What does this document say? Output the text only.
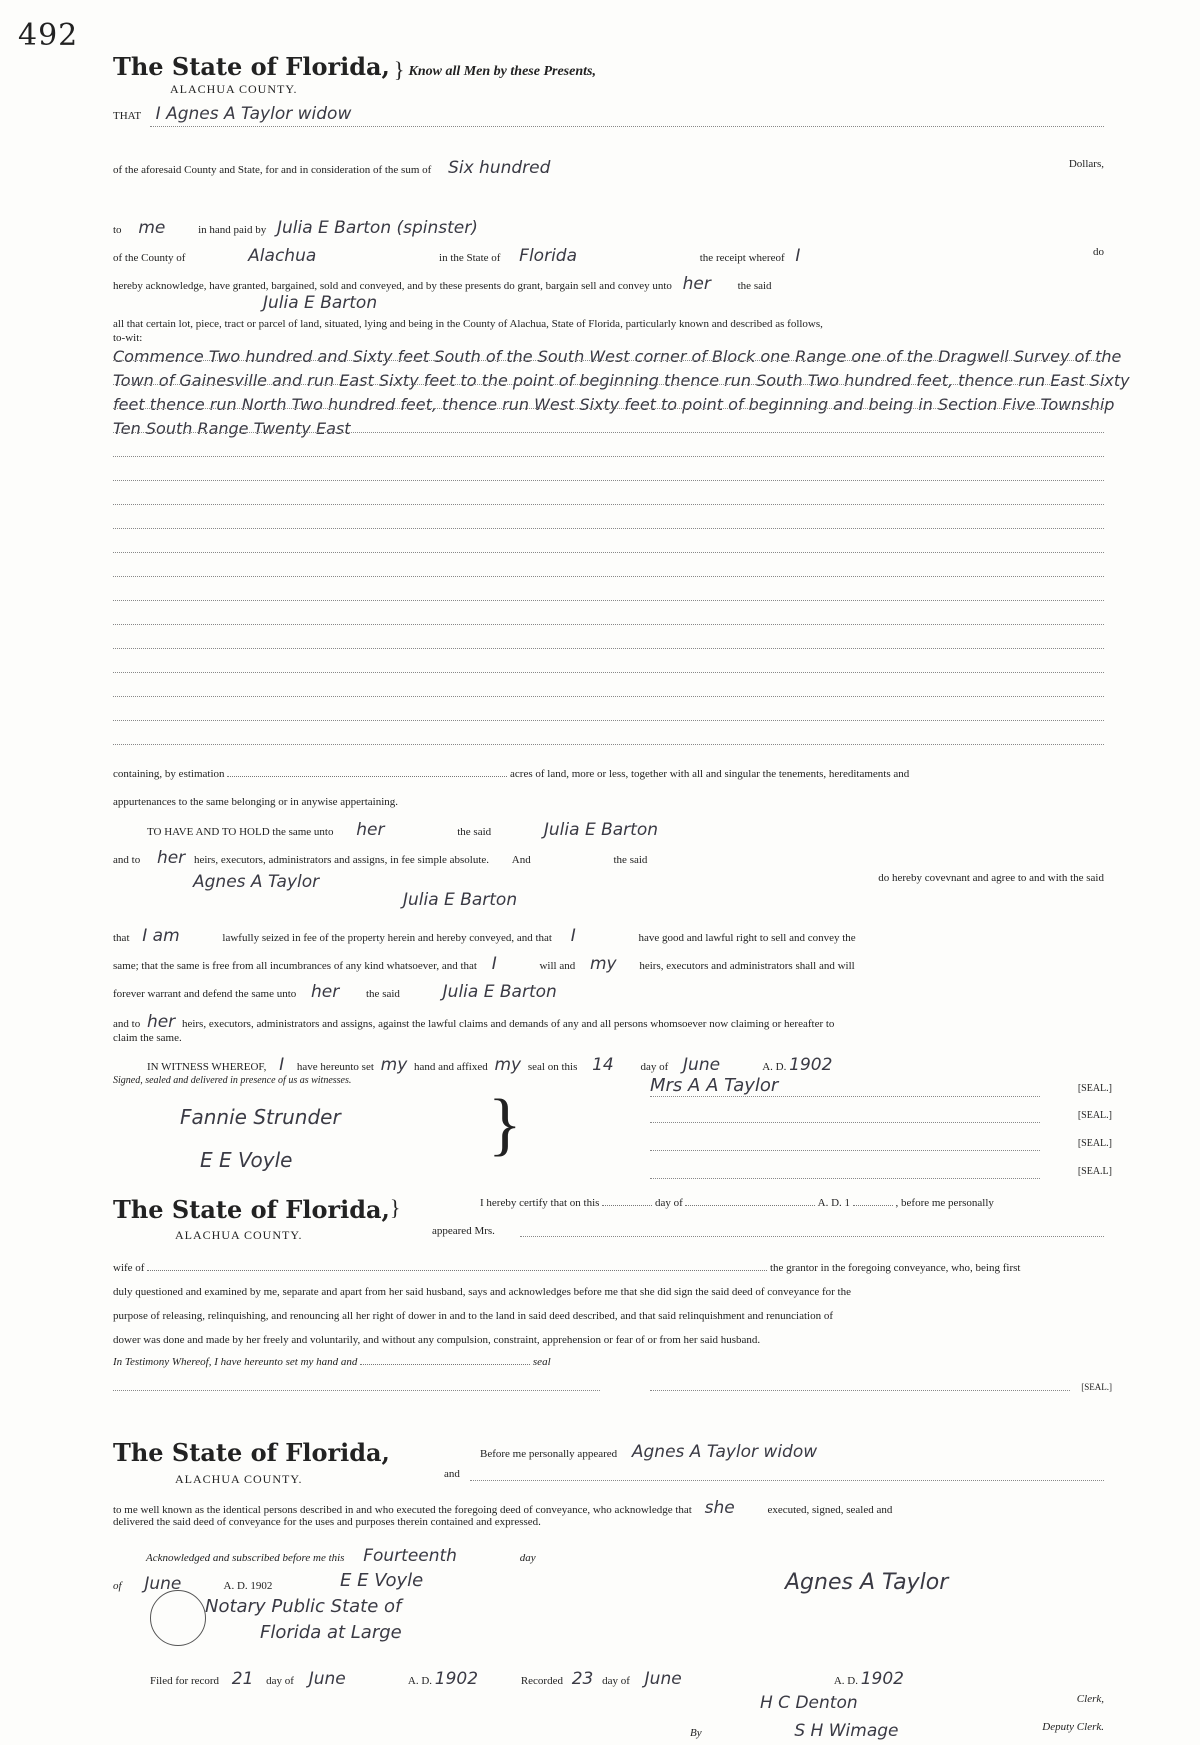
492
The State of Florida, } Know all Men by these Presents,
ALACHUA COUNTY.
THAT I Agnes A Taylor widow
of the aforesaid County and State, for and in consideration of the sum of Six hundred	Dollars,
to me	in hand paid by Julia E Barton (spinster)
of the County of	Alachua	in the State of Florida	the receipt whereof I	do
hereby acknowledge, have granted, bargained, sold and conveyed, and by these presents do grant, bargain sell and convey unto her the said
Julia E Barton
all that certain lot, piece, tract or parcel of land, situated, lying and being in the County of Alachua, State of Florida, particularly known and described as follows,
to-wit:
Commence Two hundred and Sixty feet South of the South West corner of Block one Range one of the Dragwell Survey of the Town of Gainesville and run East Sixty feet to the point of beginning thence run South Two hundred feet, thence run East Sixty feet thence run North Two hundred feet, thence run West Sixty feet to point of beginning and being in Section Five Township Ten South Range Twenty East
containing, by estimation	acres of land, more or less, together with all and singular the tenements, hereditaments and
appurtenances to the same belonging or in anywise appertaining.
TO HAVE AND TO HOLD the same unto her	the said	Julia E Barton
and to her heirs, executors, administrators and assigns, in fee simple absolute. And	the said
Agnes A Taylor	do hereby covevnant and agree to and with the said
Julia E Barton
that I am	lawfully seized in fee of the property herein and hereby conveyed, and that I	have good and lawful right to sell and convey the
same; that the same is free from all incumbrances of any kind whatsoever, and that I	will and my heirs, executors and administrators shall and will
forever warrant and defend the same unto her the said	Julia E Barton
and to her heirs, executors, administrators and assigns, against the lawful claims and demands of any and all persons whomsoever now claiming or hereafter to
claim the same.
IN WITNESS WHEREOF, I have hereunto set my hand and affixed my seal on this 14 day of June	A. D. 1902
Signed, sealed and delivered in presence of us as witnesses.	Mrs A A Taylor	[SEAL.]
[SEAL.]
[SEAL.]
[SEA.L]
Fannie Strunder
E E Voyle	}
The State of Florida, }
ALACHUA COUNTY.
I hereby certify that on this	day of	A. D. 1	, before me personally
appeared Mrs.
wife of	the grantor in the foregoing conveyance, who, being first
duly questioned and examined by me, separate and apart from her said husband, says and acknowledges before me that she did sign the said deed of conveyance for the
purpose of releasing, relinquishing, and renouncing all her right of dower in and to the land in said deed described, and that said relinquishment and renunciation of
dower was done and made by her freely and voluntarily, and without any compulsion, constraint, apprehension or fear of or from her said husband.
In Testimony Whereof, I have hereunto set my hand and	seal
[SEAL.]
The State of Florida,
ALACHUA COUNTY.
Before me personally appeared Agnes A Taylor widow
and
to me well known as the identical persons described in and who executed the foregoing deed of conveyance, who acknowledge that she	executed, signed, sealed and
delivered the said deed of conveyance for the uses and purposes therein contained and expressed.
Acknowledged and subscribed before me this Fourteenth	day
of June	A. D. 1902	E E Voyle
Notary Public State of
Florida at Large
Agnes A Taylor
Filed for record 21 day of June	A. D. 1902	Recorded 23 day of June	A. D. 1902
H C Denton	Clerk,
By	S H Wimage	Deputy Clerk.
